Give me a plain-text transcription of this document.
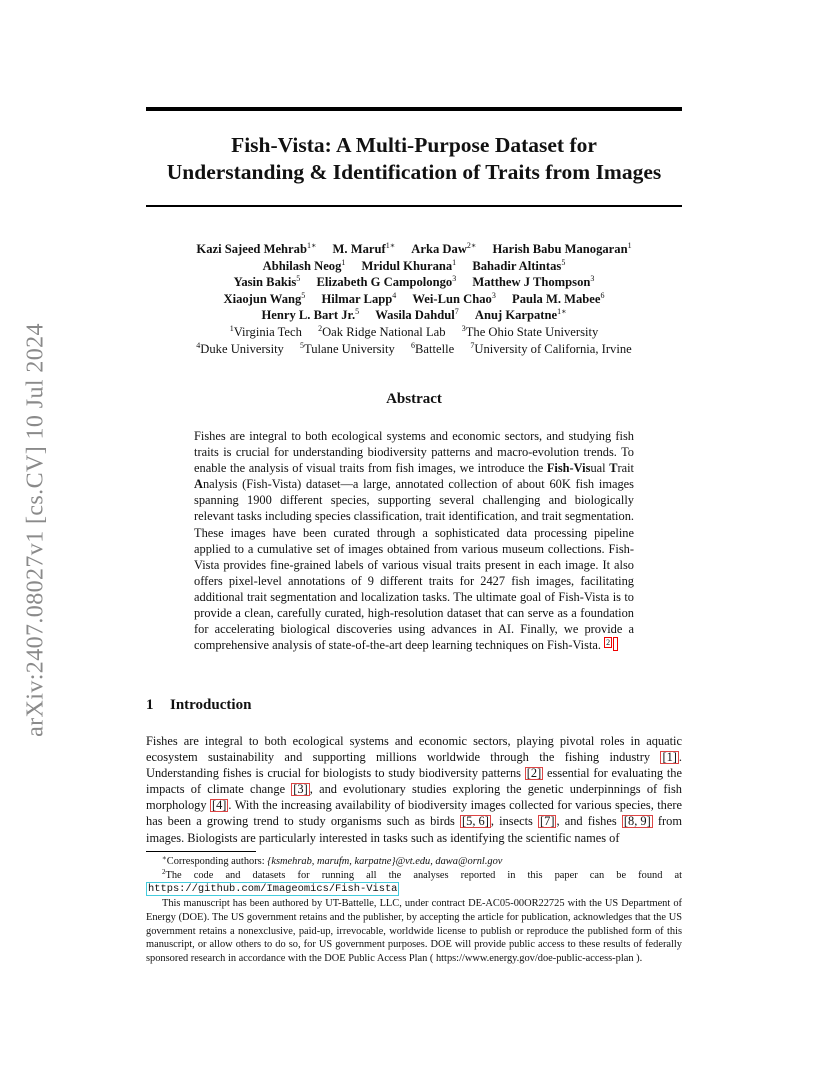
arXiv:2407.08027v1 [cs.CV] 10 Jul 2024
Fish-Vista: A Multi-Purpose Dataset for
Understanding & Identification of Traits from Images
Kazi Sajeed Mehrab$^{1∗}$ M. Maruf$^{1∗}$ Arka Daw$^{2∗}$ Harish Babu Manogaran$^1$
Abhilash Neog$^1$ Mridul Khurana$^1$ Bahadir Altintas$^5$
Yasin Bakis$^5$ Elizabeth G Campolongo$^3$ Matthew J Thompson$^3$
Xiaojun Wang$^5$ Hilmar Lapp$^4$ Wei-Lun Chao$^3$ Paula M. Mabee$^6$
Henry L. Bart Jr.$^5$ Wasila Dahdul$^7$ Anuj Karpatne$^{1∗}$
$^1$Virginia Tech $^2$Oak Ridge National Lab $^3$The Ohio State University
$^4$Duke University $^5$Tulane University $^6$Battelle $^7$University of California, Irvine
Abstract
Fishes are integral to both ecological systems and economic sectors, and studying fish traits is crucial for understanding biodiversity patterns and macro-evolution trends. To enable the analysis of visual traits from fish images, we introduce the Fish-Visual Trait Analysis (Fish-Vista) dataset—a large, annotated collection of about 60K fish images spanning 1900 different species, supporting several challenging and biologically relevant tasks including species classification, trait identification, and trait segmentation. These images have been curated through a sophisticated data processing pipeline applied to a cumulative set of images obtained from various museum collections. Fish-Vista provides fine-grained labels of various visual traits present in each image. It also offers pixel-level annotations of 9 different traits for 2427 fish images, facilitating additional trait segmentation and localization tasks. The ultimate goal of Fish-Vista is to provide a clean, carefully curated, high-resolution dataset that can serve as a foundation for accelerating biological discoveries using advances in AI. Finally, we provide a comprehensive analysis of state-of-the-art deep learning techniques on Fish-Vista. 2
1 Introduction
Fishes are integral to both ecological systems and economic sectors, playing pivotal roles in aquatic ecosystem sustainability and supporting millions worldwide through the fishing industry [1] . Understanding fishes is crucial for biologists to study biodiversity patterns [2] essential for evaluating the impacts of climate change [3] , and evolutionary studies exploring the genetic underpinnings of fish morphology [4] . With the increasing availability of biodiversity images collected for various species, there has been a growing trend to study organisms such as birds [5, 6] , insects [7] , and fishes [8, 9] from images. Biologists are particularly interested in tasks such as identifying the scientific names of

∗Corresponding authors: {ksmehrab, marufm, karpatne}@vt.edu, dawa@ornl.gov

$^2$The code and datasets for running all the analyses reported in this paper can be found at https://github.com/Imageomics/Fish-Vista

This manuscript has been authored by UT-Battelle, LLC, under contract DE-AC05-00OR22725 with the US Department of Energy (DOE). The US government retains and the publisher, by accepting the article for publication, acknowledges that the US government retains a nonexclusive, paid-up, irrevocable, worldwide license to publish or reproduce the published form of this manuscript, or allow others to do so, for US government purposes. DOE will provide public access to these results of federally sponsored research in accordance with the DOE Public Access Plan ( https://www.energy.gov/doe-public-access-plan ).
